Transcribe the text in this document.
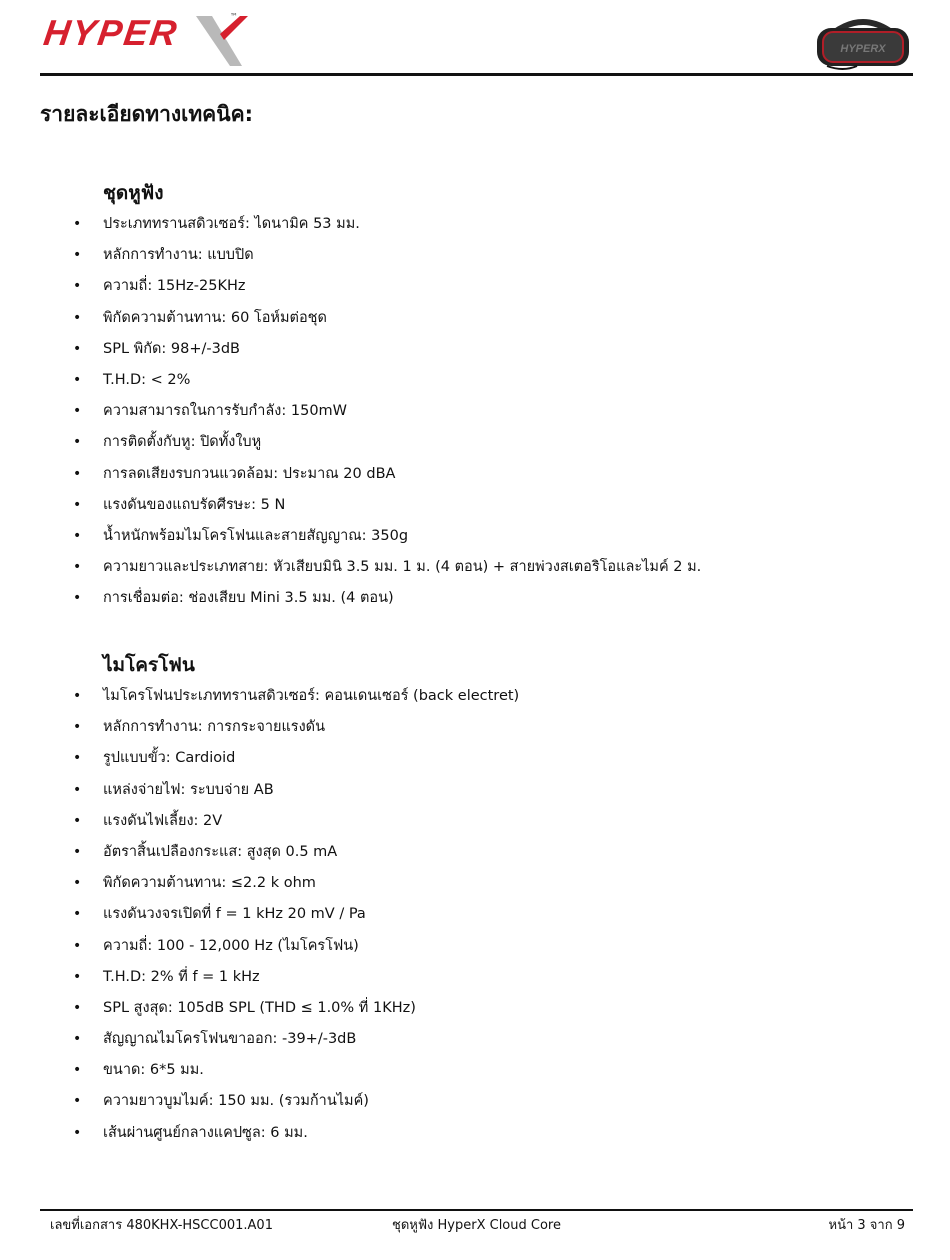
HYPER	™
HYPERX
รายละเอียดทางเทคนิค:
ชุดหูฟัง
• ประเภททรานสดิวเซอร์: ไดนามิค 53 มม.
• หลักการทำงาน: แบบปิด
• ความถี่: 15Hz-25KHz
• พิกัดความต้านทาน: 60 โอห์มต่อชุด
• SPL พิกัด: 98+/-3dB
• T.H.D: < 2%
• ความสามารถในการรับกำลัง: 150mW
• การติดตั้งกับหู: ปิดทั้งใบหู
• การลดเสียงรบกวนแวดล้อม: ประมาณ 20 dBA
• แรงดันของแถบรัดศีรษะ: 5 N
• น้ำหนักพร้อมไมโครโฟนและสายสัญญาณ: 350g
• ความยาวและประเภทสาย: หัวเสียบมินิ 3.5 มม. 1 ม. (4 ตอน) + สายพ่วงสเตอริโอและไมค์ 2 ม.
• การเชื่อมต่อ: ช่องเสียบ Mini 3.5 มม. (4 ตอน)
ไมโครโฟน
• ไมโครโฟนประเภททรานสดิวเซอร์: คอนเดนเซอร์ (back electret)
• หลักการทำงาน: การกระจายแรงดัน
• รูปแบบขั้ว: Cardioid
• แหล่งจ่ายไฟ: ระบบจ่าย AB
• แรงดันไฟเลี้ยง: 2V
• อัตราสิ้นเปลืองกระแส: สูงสุด 0.5 mA
• พิกัดความต้านทาน: ≤2.2 k ohm
• แรงดันวงจรเปิดที่ f = 1 kHz 20 mV / Pa
• ความถี่: 100 - 12,000 Hz (ไมโครโฟน)
• T.H.D: 2% ที่ f = 1 kHz
• SPL สูงสุด: 105dB SPL (THD ≤ 1.0% ที่ 1KHz)
• สัญญาณไมโครโฟนขาออก: -39+/-3dB
• ขนาด: 6*5 มม.
• ความยาวบูมไมค์: 150 มม. (รวมก้านไมค์)
• เส้นผ่านศูนย์กลางแคปซูล: 6 มม.
เลขที่เอกสาร 480KHX-HSCC001.A01	ชุดหูฟัง HyperX Cloud Core	หน้า 3 จาก 9
